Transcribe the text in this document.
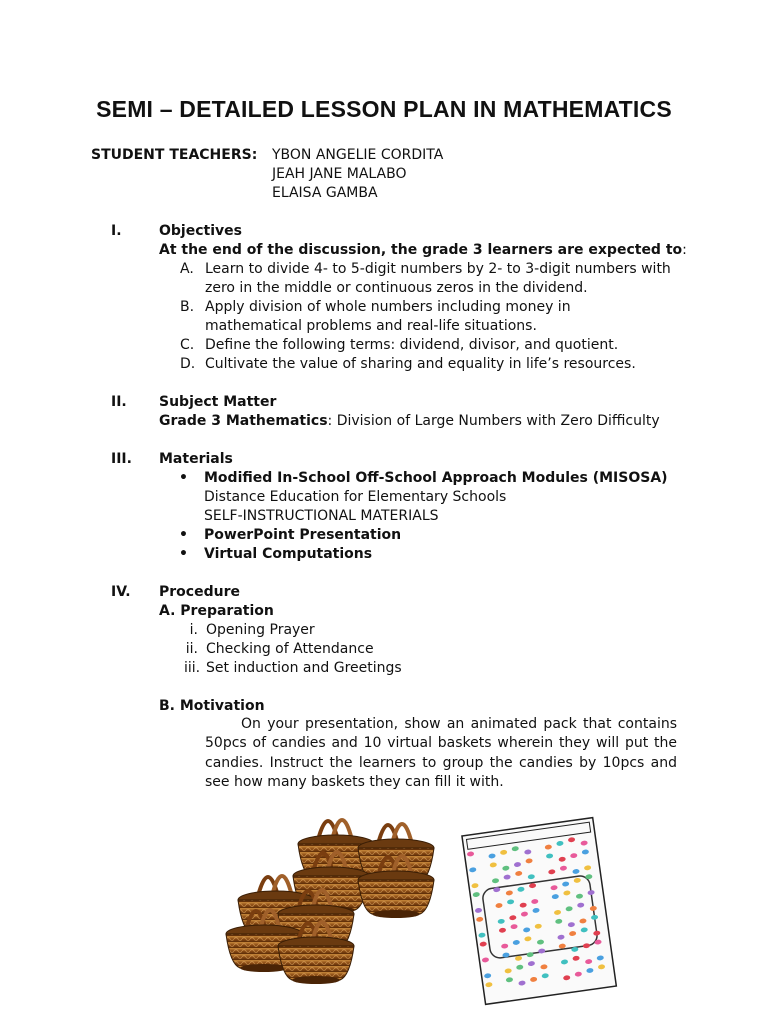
SEMI – DETAILED LESSON PLAN IN MATHEMATICS
STUDENT TEACHERS: YBON ANGELIE CORDITA
JEAH JANE MALABO
ELAISA GAMBA
I.	Objectives
At the end of the discussion, the grade 3 learners are expected to:
A. Learn to divide 4- to 5-digit numbers by 2- to 3-digit numbers with
zero in the middle or continuous zeros in the dividend.
B. Apply division of whole numbers including money in
mathematical problems and real-life situations.
C. Define the following terms: dividend, divisor, and quotient.
D. Cultivate the value of sharing and equality in life’s resources.
II. Subject Matter
Grade 3 Mathematics: Division of Large Numbers with Zero Difficulty
III. Materials
• Modified In-School Off-School Approach Modules (MISOSA)
Distance Education for Elementary Schools
SELF-INSTRUCTIONAL MATERIALS
• PowerPoint Presentation
• Virtual Computations
IV. Procedure
A. Preparation
i. Opening Prayer
ii. Checking of Attendance
iii. Set induction and Greetings
B. Motivation
On your presentation, show an animated pack that contains 50pcs of candies and 10 virtual baskets wherein they will put the candies. Instruct the learners to group the candies by 10pcs and see how many baskets they can fill it with.
